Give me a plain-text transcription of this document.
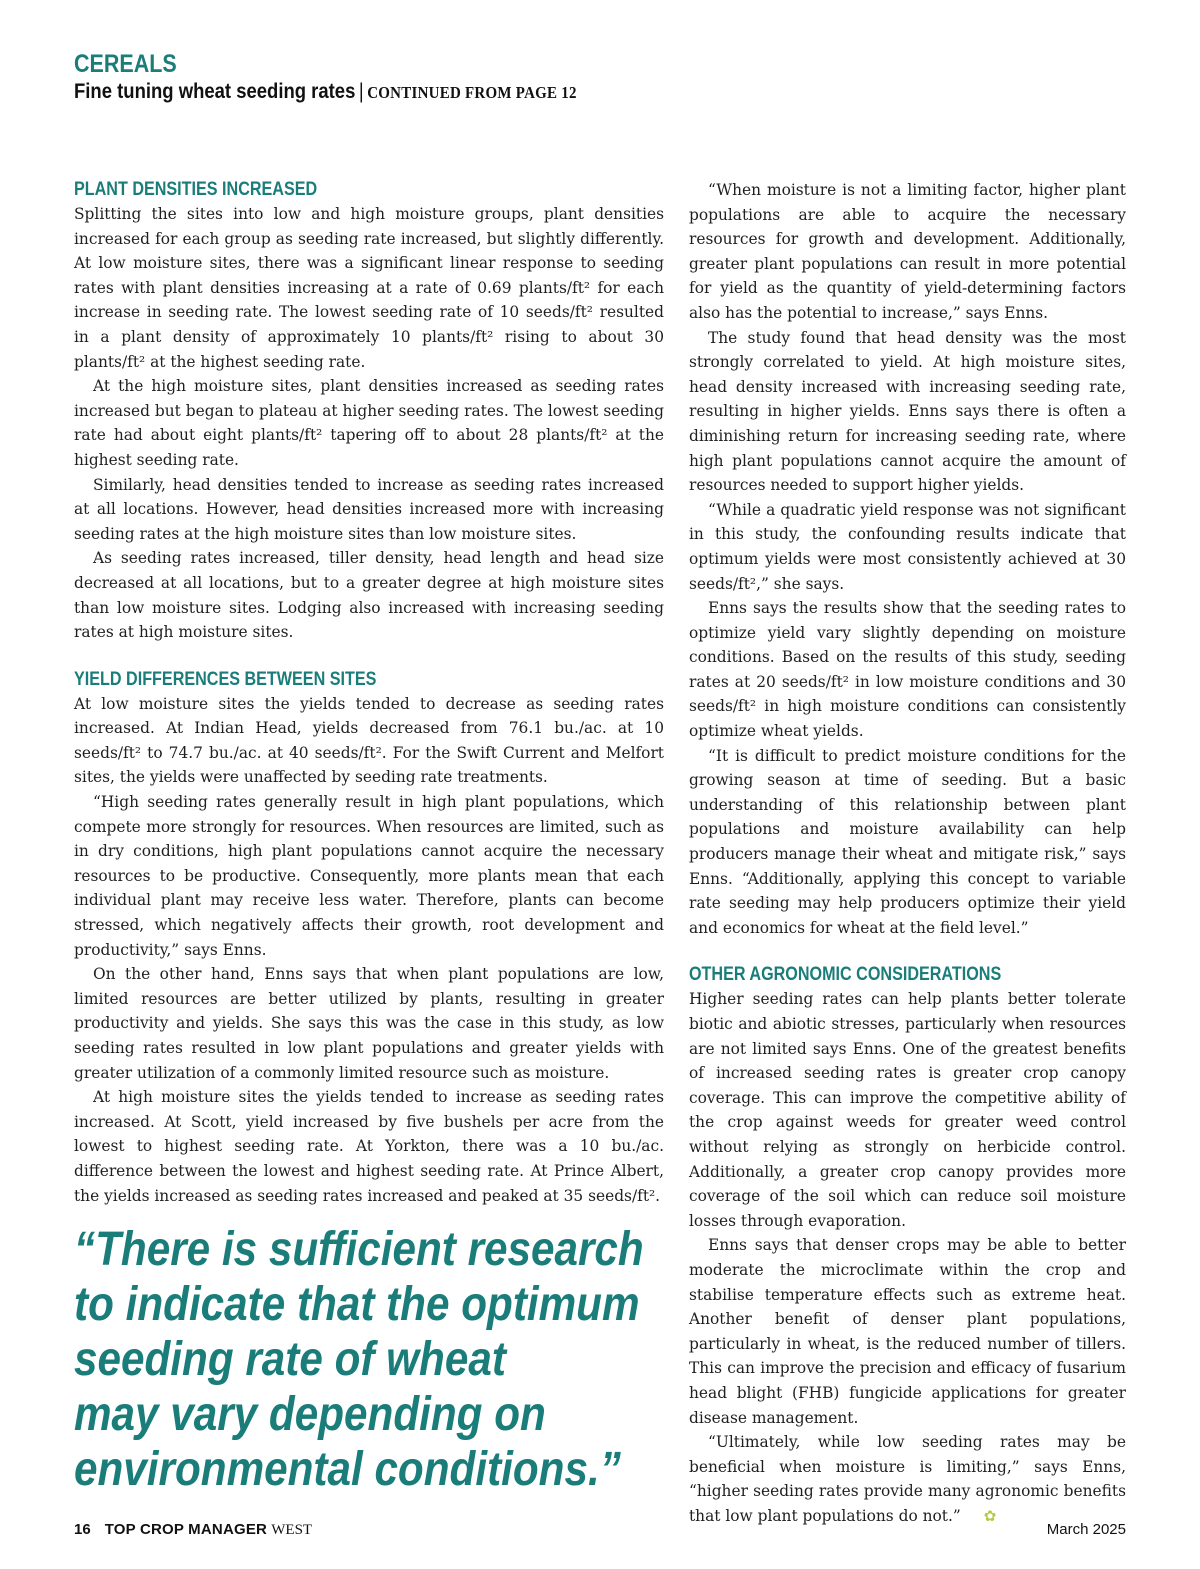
CEREALS
Fine tuning wheat seeding rates | CONTINUED FROM PAGE 12
PLANT DENSITIES INCREASED

Splitting the sites into low and high moisture groups, plant densities increased for each group as seeding rate increased, but slightly differently. At low moisture sites, there was a significant linear response to seeding rates with plant densities increasing at a rate of 0.69 plants/ft² for each increase in seeding rate. The lowest seeding rate of 10 seeds/ft² resulted in a plant density of approximately 10 plants/ft² rising to about 30 plants/ft² at the highest seeding rate.

At the high moisture sites, plant densities increased as seeding rates increased but began to plateau at higher seeding rates. The lowest seeding rate had about eight plants/ft² tapering off to about 28 plants/ft² at the highest seeding rate.

Similarly, head densities tended to increase as seeding rates increased at all locations. However, head densities increased more with increasing seeding rates at the high moisture sites than low moisture sites.

As seeding rates increased, tiller density, head length and head size decreased at all locations, but to a greater degree at high moisture sites than low moisture sites. Lodging also increased with increasing seeding rates at high moisture sites.

YIELD DIFFERENCES BETWEEN SITES

At low moisture sites the yields tended to decrease as seeding rates increased. At Indian Head, yields decreased from 76.1 bu./ac. at 10 seeds/ft² to 74.7 bu./ac. at 40 seeds/ft². For the Swift Current and Melfort sites, the yields were unaffected by seeding rate treatments.

“High seeding rates generally result in high plant populations, which compete more strongly for resources. When resources are limited, such as in dry conditions, high plant populations cannot acquire the necessary resources to be productive. Consequently, more plants mean that each individual plant may receive less water. Therefore, plants can become stressed, which negatively affects their growth, root development and productivity,” says Enns.

On the other hand, Enns says that when plant populations are low, limited resources are better utilized by plants, resulting in greater productivity and yields. She says this was the case in this study, as low seeding rates resulted in low plant populations and greater yields with greater utilization of a commonly limited resource such as moisture.

At high moisture sites the yields tended to increase as seeding rates increased. At Scott, yield increased by five bushels per acre from the lowest to highest seeding rate. At Yorkton, there was a 10 bu./ac. difference between the lowest and highest seeding rate. At Prince Albert, the yields increased as seeding rates increased and peaked at 35 seeds/ft².

“There is sufficient research
to indicate that the optimum
seeding rate of wheat
may vary depending on
environmental conditions.”

“When moisture is not a limiting factor, higher plant populations are able to acquire the necessary resources for growth and development. Additionally, greater plant populations can result in more potential for yield as the quantity of yield-determining factors also has the potential to increase,” says Enns.

The study found that head density was the most strongly correlated to yield. At high moisture sites, head density increased with increasing seeding rate, resulting in higher yields. Enns says there is often a diminishing return for increasing seeding rate, where high plant populations cannot acquire the amount of resources needed to support higher yields.

“While a quadratic yield response was not significant in this study, the confounding results indicate that optimum yields were most consistently achieved at 30 seeds/ft²,” she says.

Enns says the results show that the seeding rates to optimize yield vary slightly depending on moisture conditions. Based on the results of this study, seeding rates at 20 seeds/ft² in low moisture conditions and 30 seeds/ft² in high moisture conditions can consistently optimize wheat yields.

“It is difficult to predict moisture conditions for the growing season at time of seeding. But a basic understanding of this relationship between plant populations and moisture availability can help producers manage their wheat and mitigate risk,” says Enns. “Additionally, applying this concept to variable rate seeding may help producers optimize their yield and economics for wheat at the field level.”

OTHER AGRONOMIC CONSIDERATIONS

Higher seeding rates can help plants better tolerate biotic and abiotic stresses, particularly when resources are not limited says Enns. One of the greatest benefits of increased seeding rates is greater crop canopy coverage. This can improve the competitive ability of the crop against weeds for greater weed control without relying as strongly on herbicide control. Additionally, a greater crop canopy provides more coverage of the soil which can reduce soil moisture losses through evaporation.

Enns says that denser crops may be able to better moderate the microclimate within the crop and stabilise temperature effects such as extreme heat. Another benefit of denser plant populations, particularly in wheat, is the reduced number of tillers. This can improve the precision and efficacy of fusarium head blight (FHB) fungicide applications for greater disease management.

“Ultimately, while low seeding rates may be beneficial when moisture is limiting,” says Enns, “higher seeding rates provide many agronomic benefits that low plant populations do not.” ✿

16 TOP CROP MANAGER WEST	March 2025
